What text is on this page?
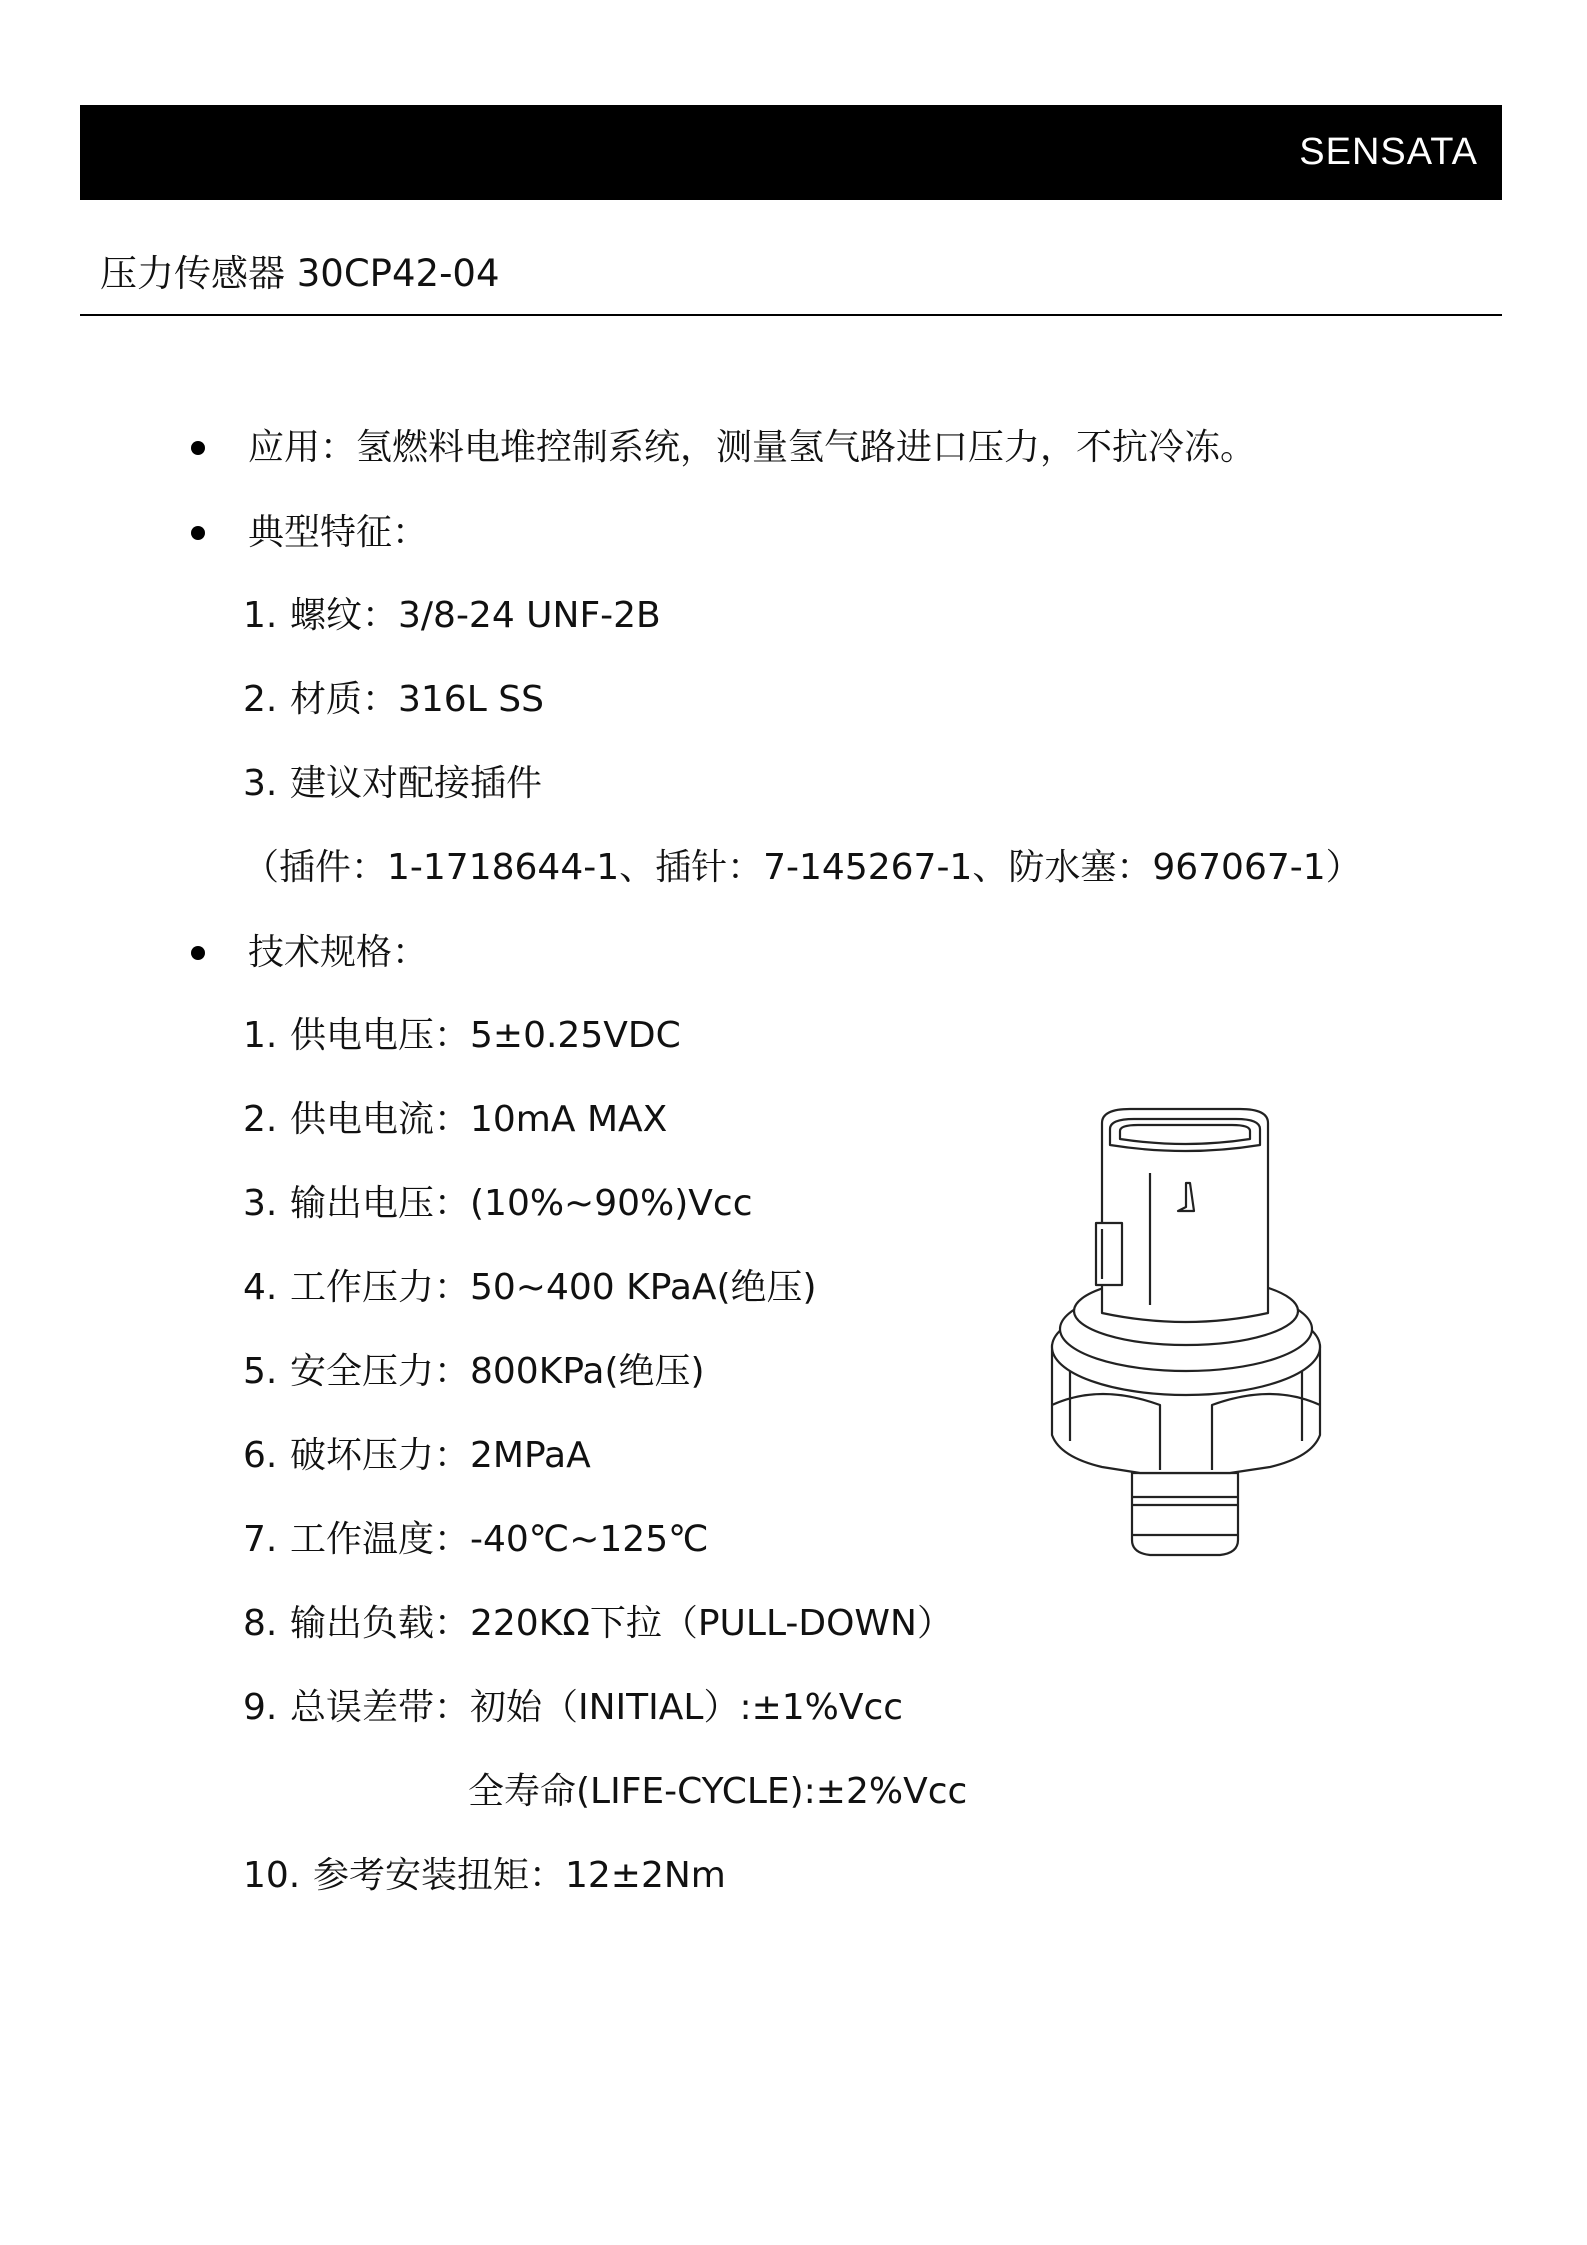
SENSATA
压力传感器 30CP42-04
应用：氢燃料电堆控制系统，测量氢气路进口压力，不抗冷冻。
典型特征：
1. 螺纹：3/8-24 UNF-2B
2. 材质：316L SS
3. 建议对配接插件
（插件：1-1718644-1、插针：7-145267-1、防水塞：967067-1）
技术规格：
1. 供电电压：5±0.25VDC
2. 供电电流：10mA MAX
3. 输出电压：(10%~90%)Vcc
4. 工作压力：50~400 KPaA(绝压)
5. 安全压力：800KPa(绝压)
6. 破坏压力：2MPaA
7. 工作温度：-40℃~125℃
8. 输出负载：220KΩ下拉（PULL-DOWN）
9. 总误差带：初始（INITIAL）:±1%Vcc
全寿命(LIFE-CYCLE):±2%Vcc
10. 参考安装扭矩：12±2Nm
